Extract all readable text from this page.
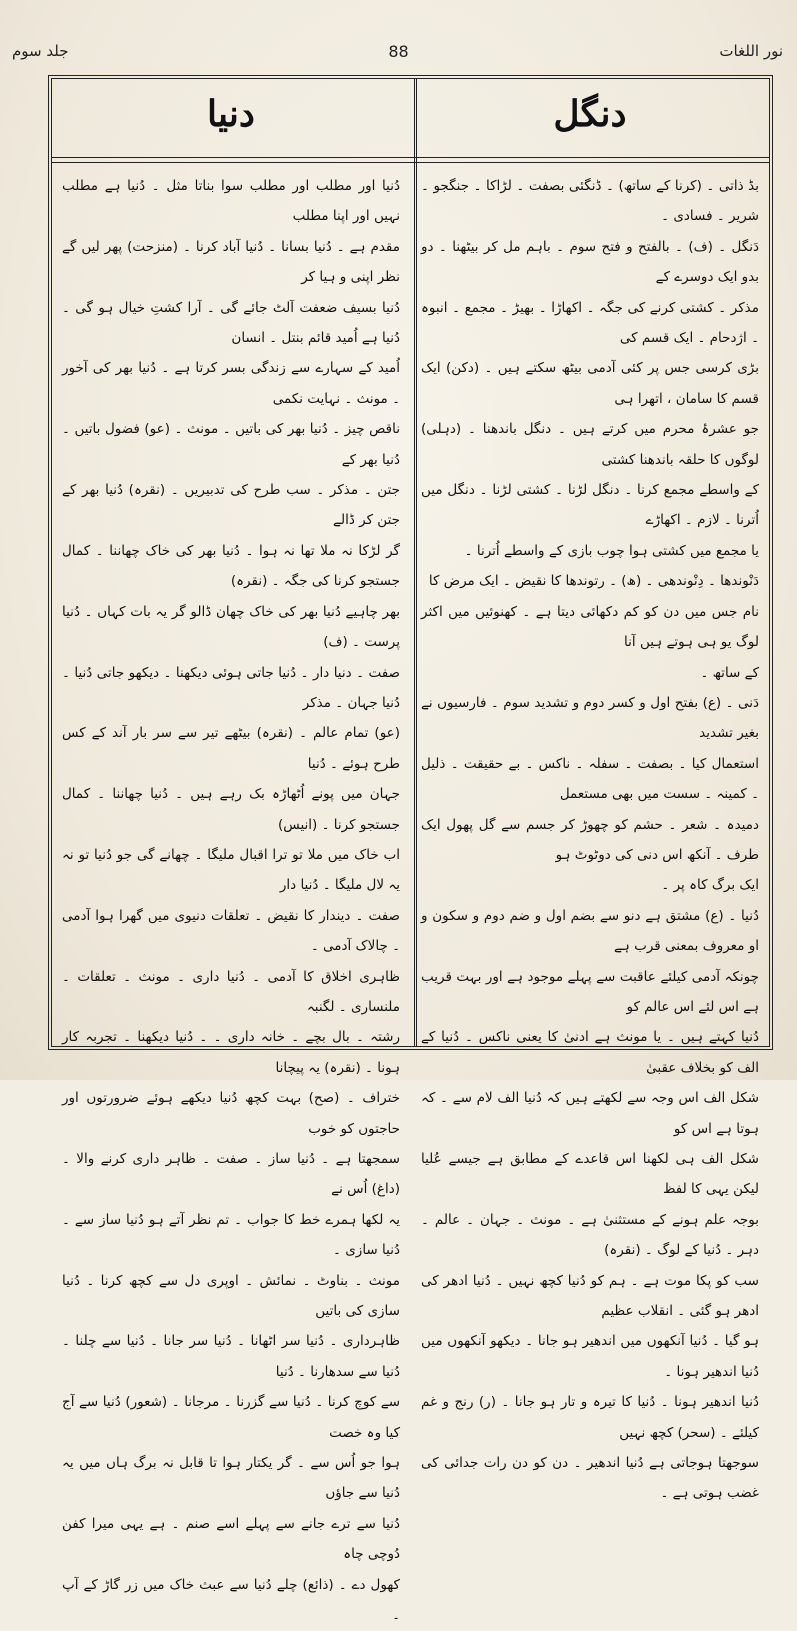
نور اللغات
88
جلد سوم
دنگل
بڈ ذاتی ۔ (کرنا کے ساتھ) ۔ ڈنگئی بصفت ۔ لڑاکا ۔ جنگجو ۔ شریر ۔ فسادی ۔
دَنگل ۔ (ف) ۔ بالفتح و فتح سوم ۔ باہم مل کر بیٹھنا ۔ دو بدو ایک دوسرے کے
مذکر ۔ کشتی کرنے کی جگہ ۔ اکھاڑا ۔ بھیڑ ۔ مجمع ۔ انبوہ ۔ اژدحام ۔ ایک قسم کی
بڑی کرسی جس پر کئی آدمی بیٹھ سکتے ہیں ۔ (دکن) ایک قسم کا سامان ، اتھرا ہی
جو عشرۂ محرم میں کرتے ہیں ۔ دنگل باندھنا ۔ (دہلی) لوگوں کا حلقہ باندھنا کشتی
کے واسطے مجمع کرنا ۔ دنگل لڑنا ۔ کشتی لڑنا ۔ دنگل میں اُترنا ۔ لازم ۔ اکھاڑے
یا مجمع میں کشتی ہوا چوب بازی کے واسطے اُترنا ۔
دَنْوندھا ۔ دِنْوندھی ۔ (ھ) ۔ رتوندھا کا نقیض ۔ ایک مرض کا
نام جس میں دن کو کم دکھائی دیتا ہے ۔ کھنوئیں میں اکثر لوگ یو ہی ہوتے ہیں آنا
کے ساتھ ۔
دَنی ۔ (ع) بفتح اول و کسر دوم و تشدید سوم ۔ فارسیوں نے بغیر تشدید
استعمال کیا ۔ بصفت ۔ سفلہ ۔ ناکس ۔ بے حقیقت ۔ ذلیل ۔ کمینہ ۔ سست میں بھی مستعمل
دمیدہ ۔ شعر ۔ حشم کو چھوڑ کر جسم سے گل پھول ایک طرف ۔ آنکھ اس دنی کی دوٹوٹ ہو
ایک برگ کاہ پر ۔
دُنیا ۔ (ع) مشتق ہے دنو سے بضم اول و ضم دوم و سکون و او معروف بمعنی قرب ہے
چونکہ آدمی کیلئے عاقبت سے پہلے موجود ہے اور بہت قریب ہے اس لئے اس عالم کو
دُنیا کہتے ہیں ۔ یا مونث ہے ادنیٰ کا یعنی ناکس ۔ دُنیا کے الف کو بخلاف عقبیٰ
شکل الف اس وجہ سے لکھتے ہیں کہ دُنیا الف لام سے ۔ کہ ہوتا ہے اس کو
شکل الف ہی لکھنا اس قاعدے کے مطابق ہے جیسے عُلیا لیکن یہی کا لفظ
بوجہ علم ہونے کے مستثنیٰ ہے ۔ مونث ۔ جہان ۔ عالم ۔ دہر ۔ دُنیا کے لوگ ۔ (نقرہ)
سب کو پکا موت ہے ۔ ہم کو دُنیا کچھ نہیں ۔ دُنیا ادھر کی ادھر ہو گئی ۔ انقلاب عظیم
ہو گیا ۔ دُنیا آنکھوں میں اندھیر ہو جانا ۔ دیکھو آنکھوں میں دُنیا اندھیر ہونا ۔
دُنیا اندھیر ہونا ۔ دُنیا کا تیرہ و تار ہو جانا ۔ (ر) رنج و غم کیلئے ۔ (سحر) کچھ نہیں
سوجھتا ہوجاتی ہے دُنیا اندھیر ۔ دن کو دن رات جدائی کی غضب ہوتی ہے ۔
دنیا
دُنیا اور مطلب اور مطلب سوا بناتا مثل ۔ دُنیا ہے مطلب نہیں اور اپنا مطلب
مقدم ہے ۔ دُنیا بسانا ۔ دُنیا آباد کرنا ۔ (منزحت) پھر لیں گے نظر اپنی و ہیا کر
دُنیا بسیف ضعفت آلٹ جائے گی ۔ آرا کشتِ خیال ہو گی ۔ دُنیا ہے اُمید قائم بنتل ۔ انسان
اُمید کے سہارے سے زندگی بسر کرتا ہے ۔ دُنیا بھر کی آخور ۔ مونث ۔ نہایت نکمی
ناقص چیز ۔ دُنیا بھر کی باتیں ۔ مونث ۔ (عو) فضول باتیں ۔ دُنیا بھر کے
جتن ۔ مذکر ۔ سب طرح کی تدبیریں ۔ (نقرہ) دُنیا بھر کے جتن کر ڈالے
گر لڑکا نہ ملا تھا نہ ہوا ۔ دُنیا بھر کی خاک چھاننا ۔ کمال جستجو کرنا کی جگہ ۔ (نقرہ)
بھر چاہیے دُنیا بھر کی خاک چھان ڈالو گر یہ بات کہاں ۔ دُنیا پرست ۔ (ف)
صفت ۔ دنیا دار ۔ دُنیا جاتی ہوئی دیکھنا ۔ دیکھو جاتی دُنیا ۔ دُنیا جہان ۔ مذکر
(عو) تمام عالم ۔ (نقرہ) بیٹھے تیر سے سر بار آند کے کس طرح ہوئے ۔ دُنیا
جہان میں پونے اُٹھاڑہ بک رہے ہیں ۔ دُنیا چھاننا ۔ کمال جستجو کرنا ۔ (انیس)
اب خاک میں ملا تو ترا اقبال ملیگا ۔ چھانے گی جو دُنیا تو نہ یہ لال ملیگا ۔ دُنیا دار
صفت ۔ دیندار کا نقیض ۔ تعلقات دنیوی میں گھرا ہوا آدمی ۔ چالاک آدمی ۔
ظاہری اخلاق کا آدمی ۔ دُنیا داری ۔ مونث ۔ تعلقات ۔ ملنساری ۔ لگنبہ
رشتہ ۔ بال بچے ۔ خانہ داری ۔ ۔ دُنیا دیکھنا ۔ تجربہ کار ہونا ۔ (نقرہ) یہ پیچانا
ختراف ۔ (صح) بہت کچھ دُنیا دیکھے ہوئے ضرورتوں اور حاجتوں کو خوب
سمجھتا ہے ۔ دُنیا ساز ۔ صفت ۔ ظاہر داری کرنے والا ۔ (داغ) اُس نے
یہ لکھا ہمرے خط کا جواب ۔ تم نظر آتے ہو دُنیا ساز سے ۔ دُنیا سازی ۔
مونث ۔ بناوٹ ۔ نمائش ۔ اوپری دل سے کچھ کرنا ۔ دُنیا سازی کی باتیں
ظاہرداری ۔ دُنیا سر اٹھانا ۔ دُنیا سر جانا ۔ دُنیا سے چلنا ۔ دُنیا سے سدھارنا ۔ دُنیا
سے کوچ کرنا ۔ دُنیا سے گزرنا ۔ مرجانا ۔ (شعور) دُنیا سے آج کیا وہ خصت
ہوا جو اُس سے ۔ گر یکتار ہوا تا قابل نہ برگ ہاں میں یہ دُنیا سے جاؤں
دُنیا سے ترے جانے سے پہلے اسے صنم ۔ ہے یہی میرا کفن دُوچی چاہ
کھول دے ۔ (ذائع) چلے دُنیا سے عبث خاک میں زر گاڑ کے آپ ۔
